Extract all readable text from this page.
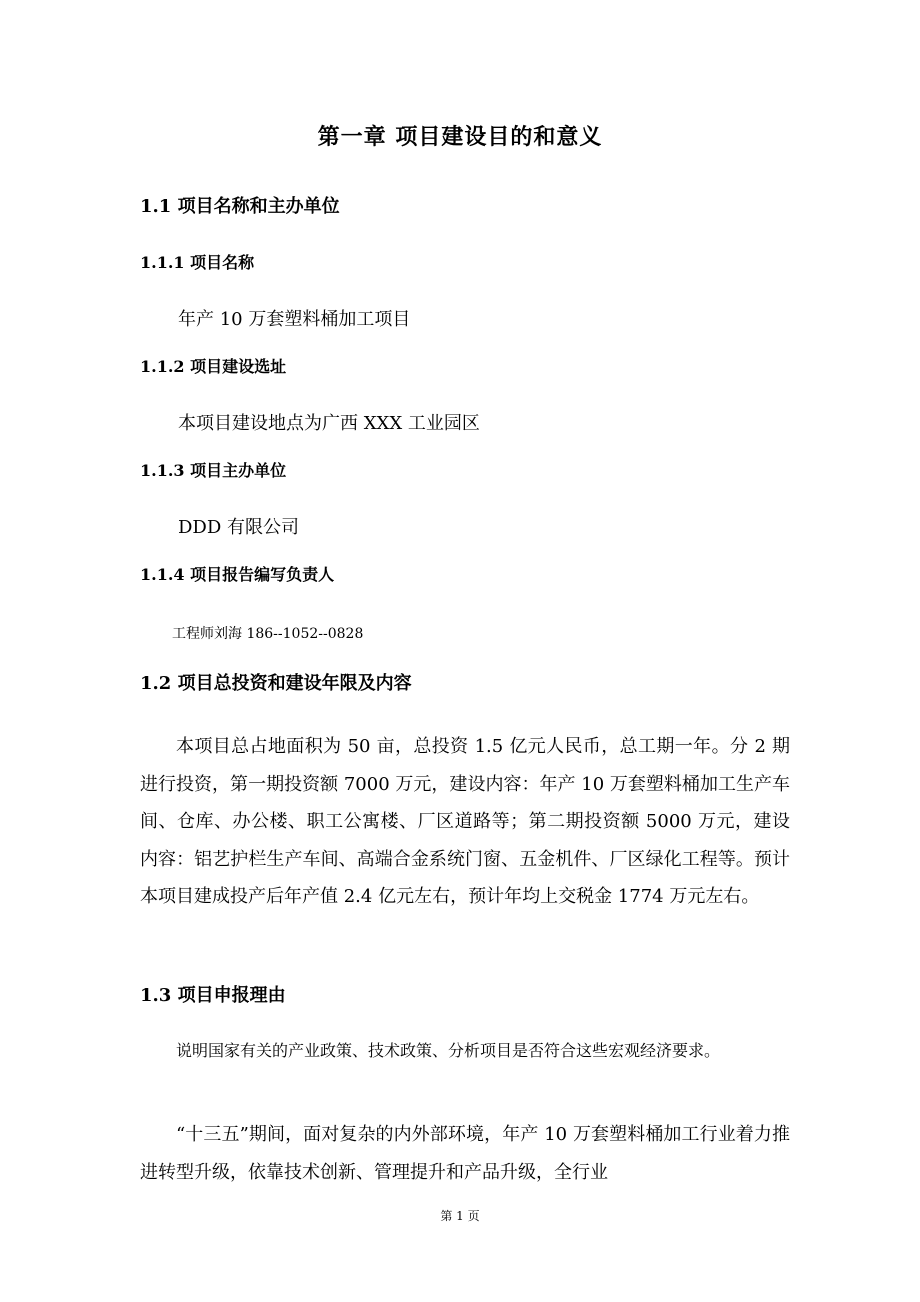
第一章 项目建设目的和意义
1.1 项目名称和主办单位
1.1.1 项目名称
年产 10 万套塑料桶加工项目
1.1.2 项目建设选址
本项目建设地点为广西 XXX 工业园区
1.1.3 项目主办单位
DDD 有限公司
1.1.4 项目报告编写负责人
工程师刘海 186--1052--0828
1.2 项目总投资和建设年限及内容
本项目总占地面积为 50 亩，总投资 1.5 亿元人民币，总工期一年。分 2 期进行投资，第一期投资额 7000 万元，建设内容：年产 10 万套塑料桶加工生产车间、仓库、办公楼、职工公寓楼、厂区道路等；第二期投资额 5000 万元，建设内容：铝艺护栏生产车间、高端合金系统门窗、五金机件、厂区绿化工程等。预计本项目建成投产后年产值 2.4 亿元左右，预计年均上交税金 1774 万元左右。
1.3 项目申报理由
说明国家有关的产业政策、技术政策、分析项目是否符合这些宏观经济要求。
“十三五”期间，面对复杂的内外部环境，年产 10 万套塑料桶加工行业着力推进转型升级，依靠技术创新、管理提升和产品升级，全行业
第 1 页
